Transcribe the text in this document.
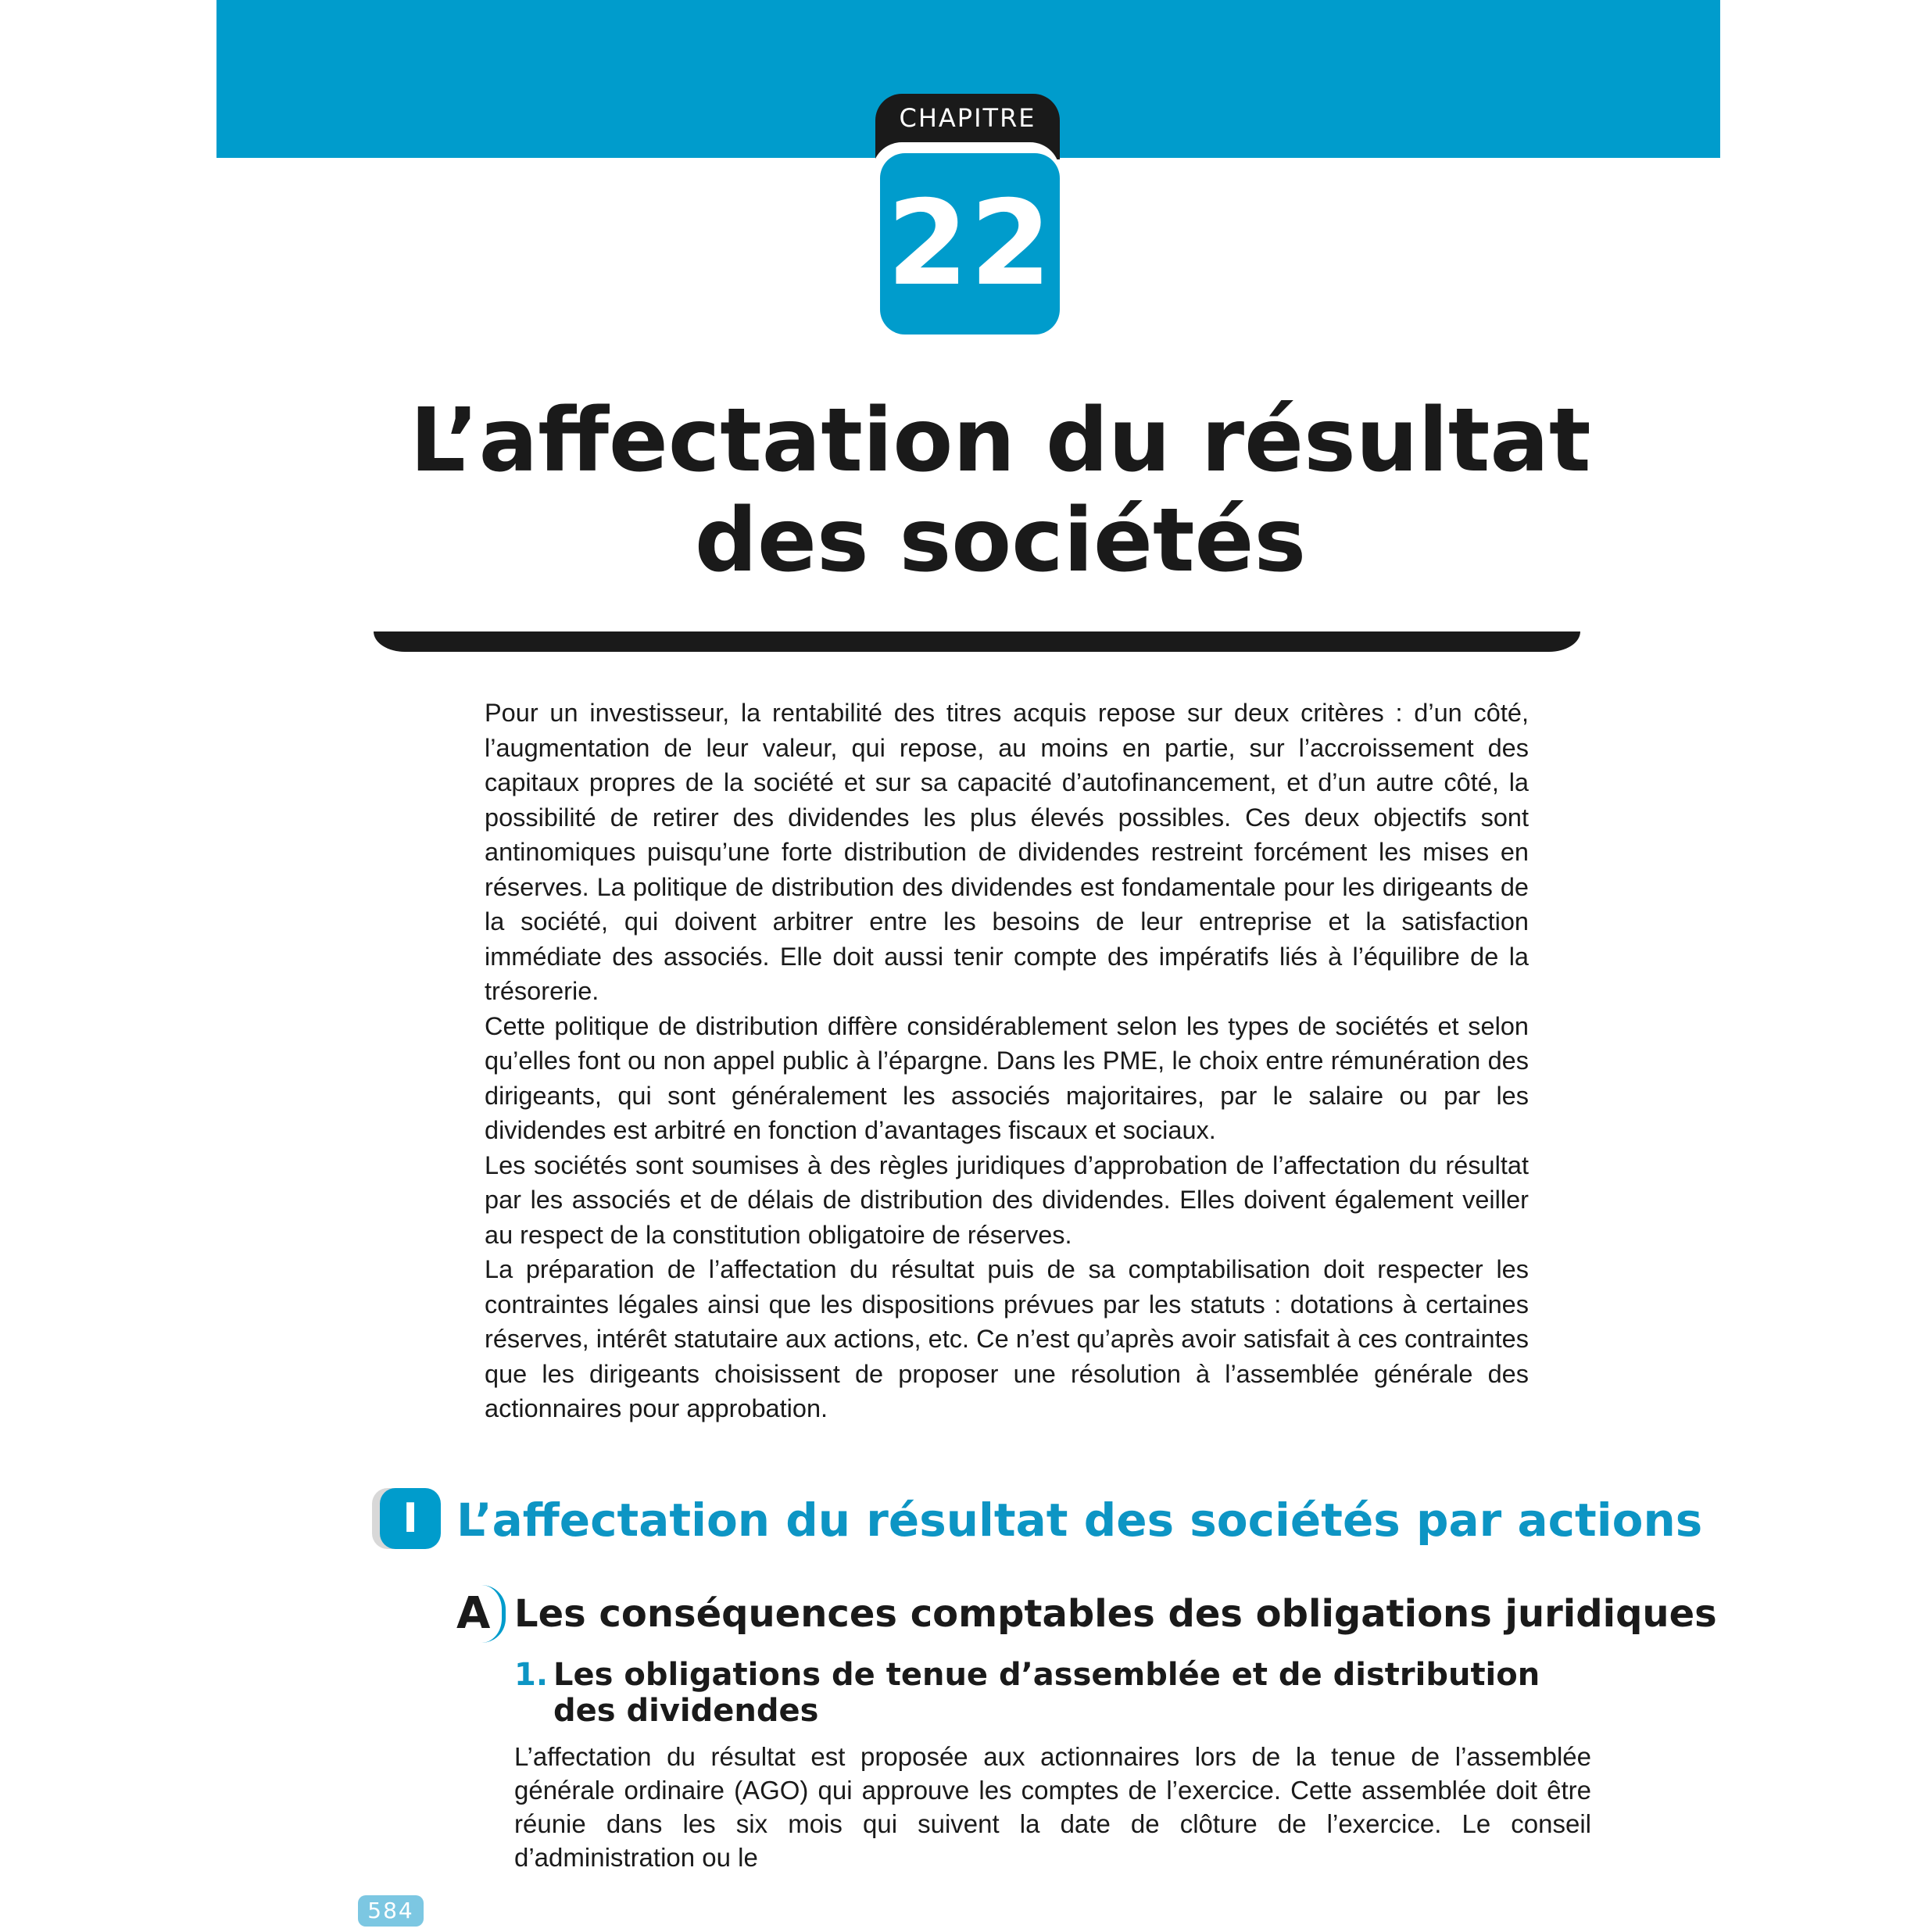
CHAPITRE
22
L’affectation du résultat
des sociétés

Pour un investisseur, la rentabilité des titres acquis repose sur deux critères : d’un côté, l’augmentation de leur valeur, qui repose, au moins en partie, sur l’accroissement des capitaux propres de la société et sur sa capacité d’autofinancement, et d’un autre côté, la possibilité de retirer des dividendes les plus élevés possibles. Ces deux objectifs sont antinomiques puisqu’une forte distribution de dividendes restreint forcément les mises en réserves. La politique de distribution des dividendes est fondamentale pour les dirigeants de la société, qui doivent arbitrer entre les besoins de leur entreprise et la satisfaction immédiate des associés. Elle doit aussi tenir compte des impératifs liés à l’équilibre de la trésorerie.

Cette politique de distribution diffère considérablement selon les types de sociétés et selon qu’elles font ou non appel public à l’épargne. Dans les PME, le choix entre rémunération des dirigeants, qui sont généralement les associés majoritaires, par le salaire ou par les dividendes est arbitré en fonction d’avantages fiscaux et sociaux.

Les sociétés sont soumises à des règles juridiques d’approbation de l’affectation du résultat par les associés et de délais de distribution des dividendes. Elles doivent également veiller au respect de la constitution obligatoire de réserves.

La préparation de l’affectation du résultat puis de sa comptabilisation doit respecter les contraintes légales ainsi que les dispositions prévues par les statuts : dotations à certaines réserves, intérêt statutaire aux actions, etc. Ce n’est qu’après avoir satisfait à ces contraintes que les dirigeants choisissent de proposer une résolution à l’assemblée générale des actionnaires pour approbation.

I L’affectation du résultat des sociétés par actions
A Les conséquences comptables des obligations juridiques
1. Les obligations de tenue d’assemblée et de distribution
des dividendes

L’affectation du résultat est proposée aux actionnaires lors de la tenue de l’assemblée générale ordinaire (AGO) qui approuve les comptes de l’exercice. Cette assemblée doit être réunie dans les six mois qui suivent la date de clôture de l’exercice. Le conseil d’administration ou le

584
